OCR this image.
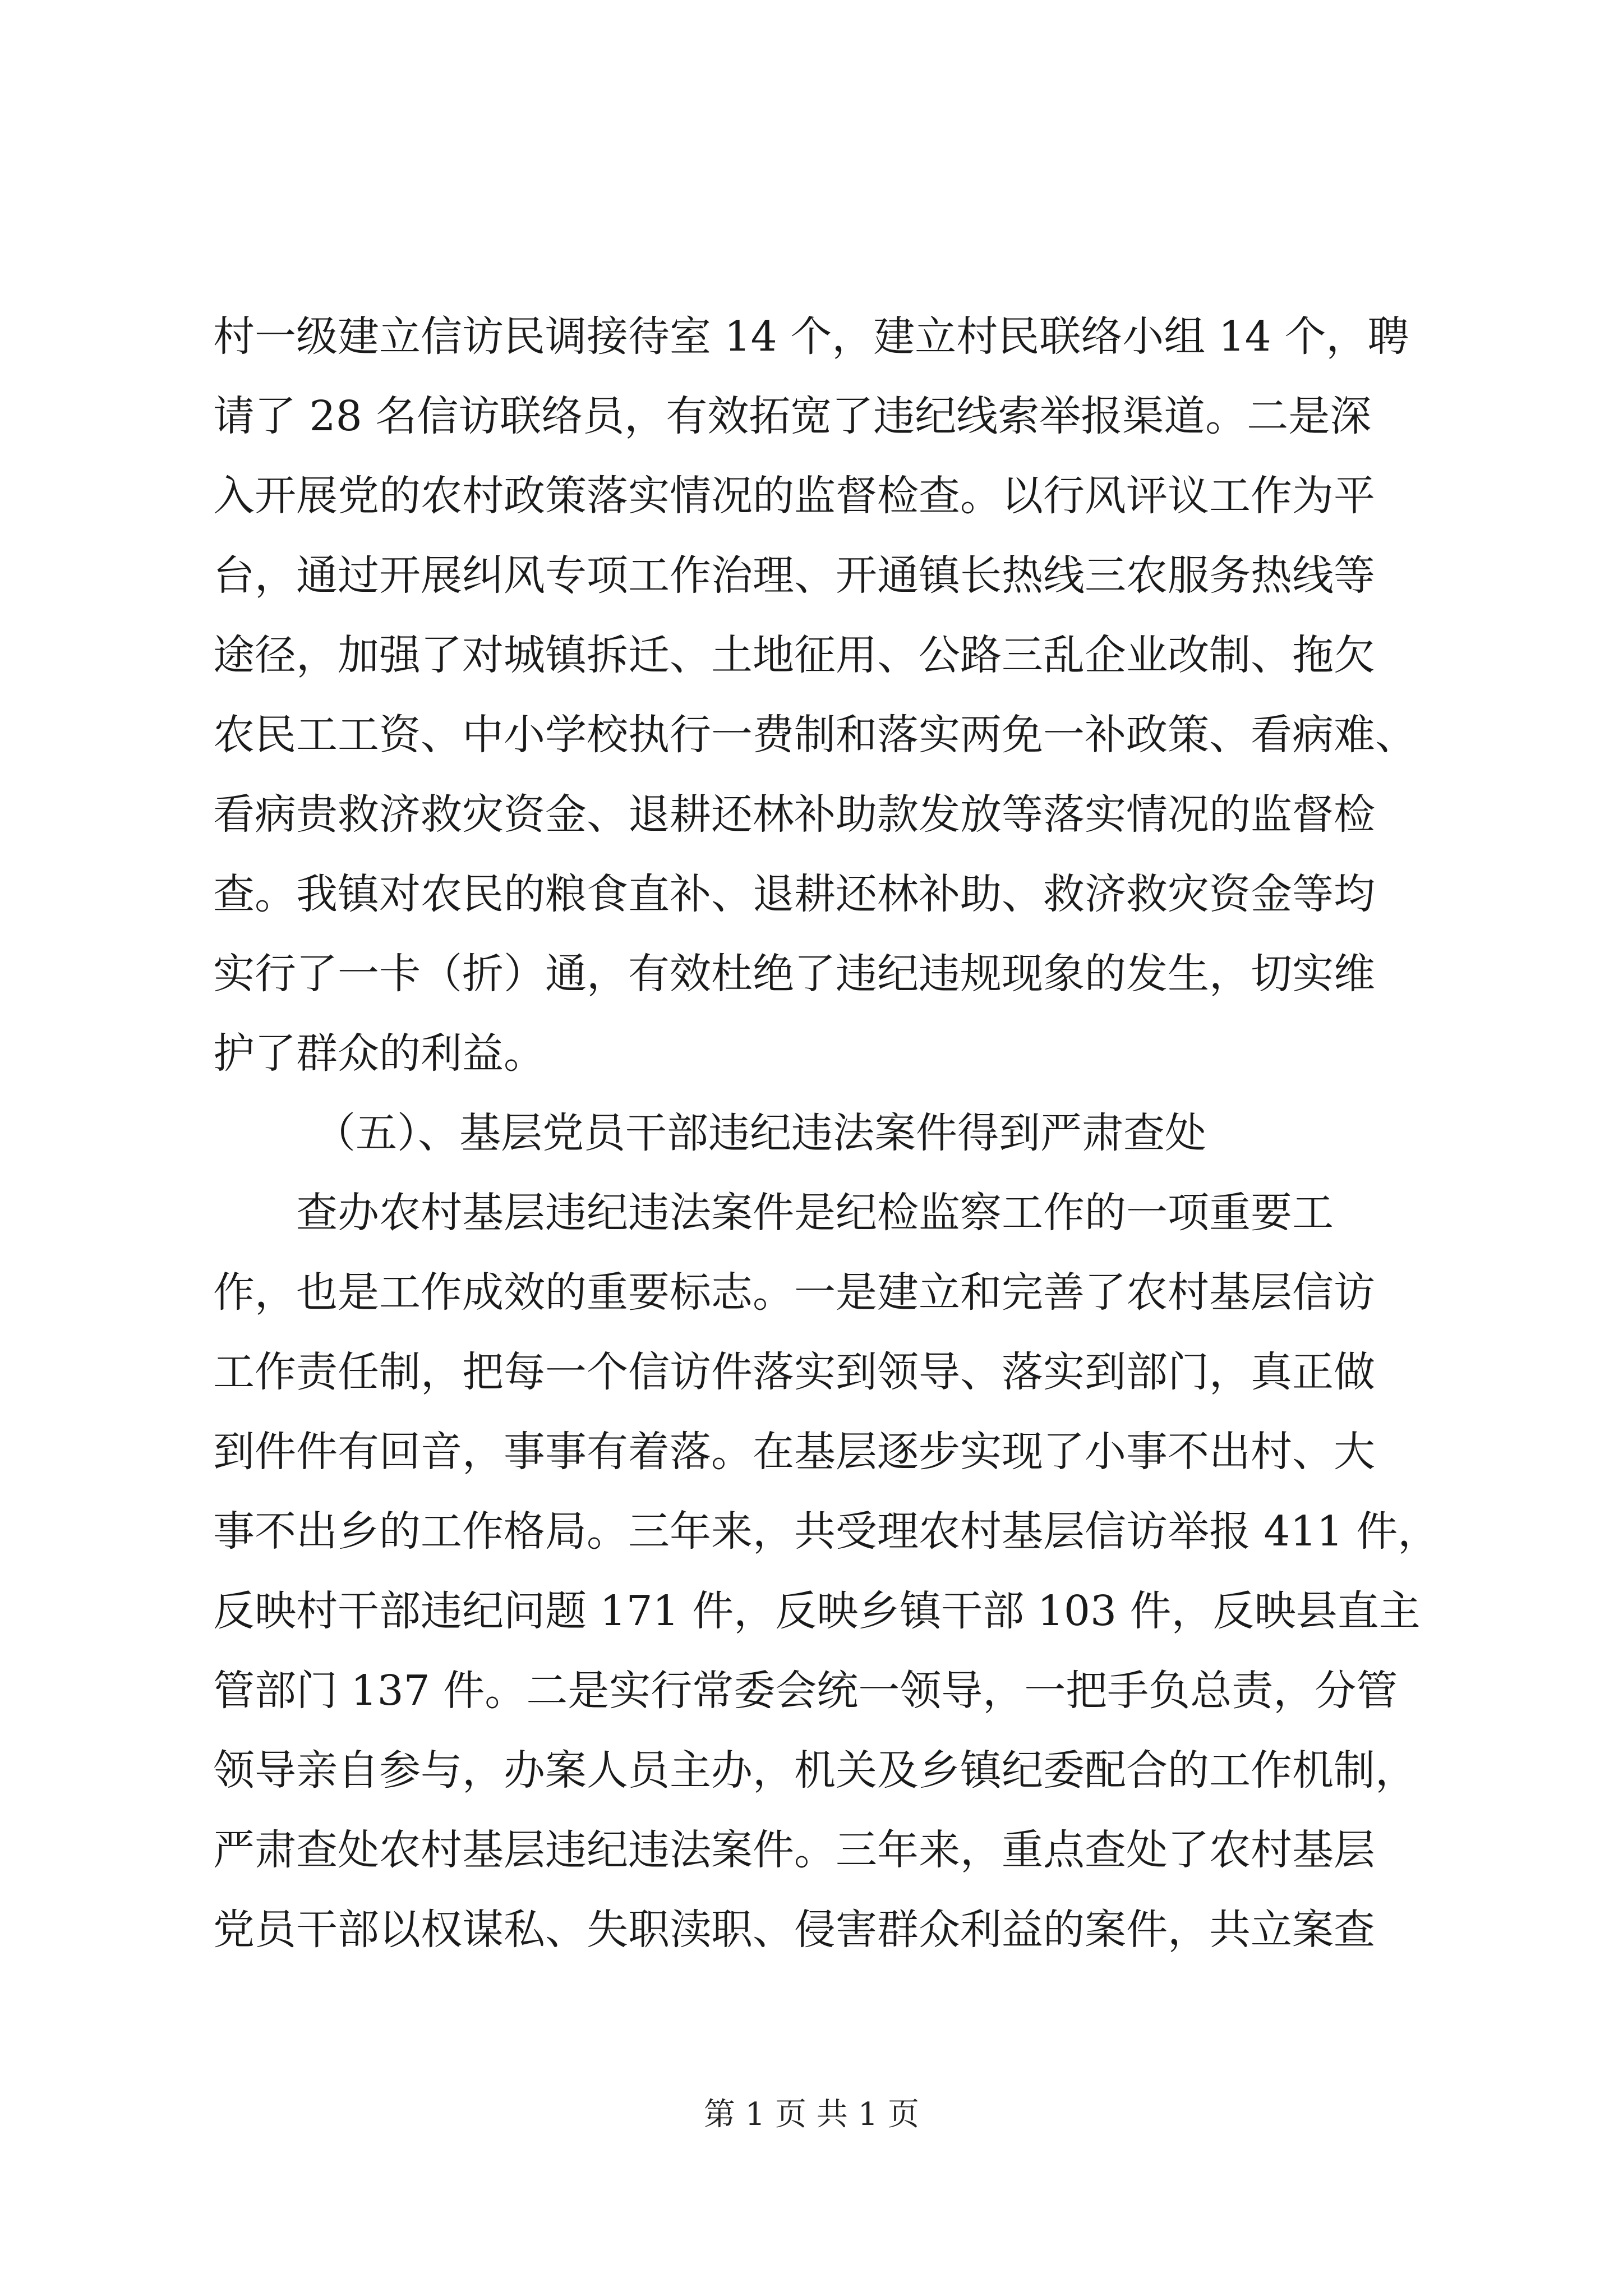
村一级建立信访民调接待室 14 个，建立村民联络小组 14 个，聘
请了 28 名信访联络员，有效拓宽了违纪线索举报渠道。二是深
入开展党的农村政策落实情况的监督检查。以行风评议工作为平
台，通过开展纠风专项工作治理、开通镇长热线三农服务热线等
途径，加强了对城镇拆迁、土地征用、公路三乱企业改制、拖欠
农民工工资、中小学校执行一费制和落实两免一补政策、看病难、
看病贵救济救灾资金、退耕还林补助款发放等落实情况的监督检
查。我镇对农民的粮食直补、退耕还林补助、救济救灾资金等均
实行了一卡（折）通，有效杜绝了违纪违规现象的发生，切实维
护了群众的利益。
（五）、基层党员干部违纪违法案件得到严肃查处
查办农村基层违纪违法案件是纪检监察工作的一项重要工
作，也是工作成效的重要标志。一是建立和完善了农村基层信访
工作责任制，把每一个信访件落实到领导、落实到部门，真正做
到件件有回音，事事有着落。在基层逐步实现了小事不出村、大
事不出乡的工作格局。三年来，共受理农村基层信访举报 411 件，
反映村干部违纪问题 171 件，反映乡镇干部 103 件，反映县直主
管部门 137 件。二是实行常委会统一领导，一把手负总责，分管
领导亲自参与，办案人员主办，机关及乡镇纪委配合的工作机制，
严肃查处农村基层违纪违法案件。三年来，重点查处了农村基层
党员干部以权谋私、失职渎职、侵害群众利益的案件，共立案查
第 1 页 共 1 页
